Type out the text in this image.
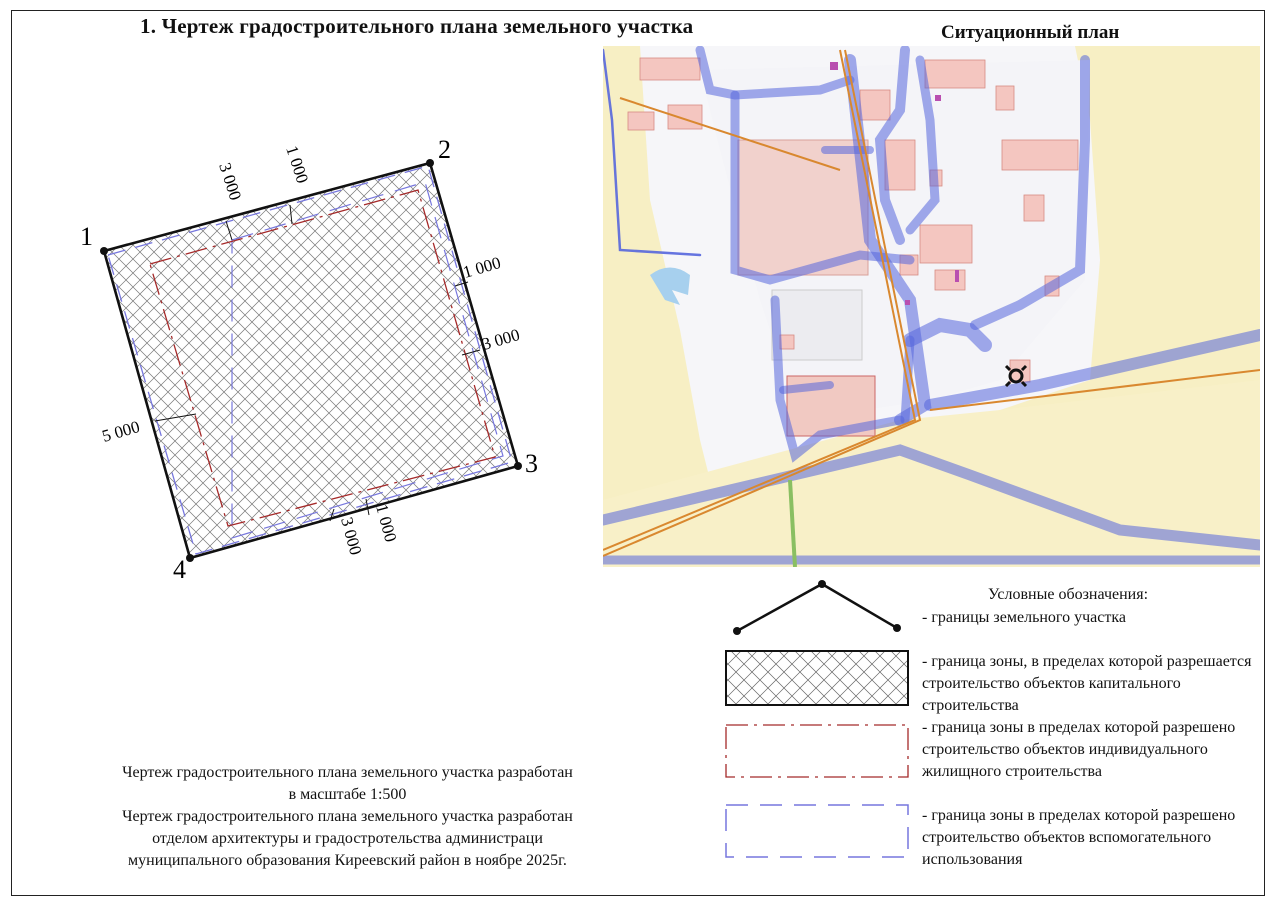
1. Чертеж градостроительного плана земельного участка	Ситуационный план
1
2
3
4
3 000 1 000
1 000
3 000
5 000
3 000 1 000
Условные обозначения:
- границы земельного участка
- граница зоны, в пределах которой разрешается строительство объектов капитального строительства
- граница зоны в пределах которой разрешено строительство объектов индивидуального жилищного строительства
- граница зоны в пределах которой разрешено строительство объектов вспомогательного использования
Чертеж градостроительного плана земельного участка разработан
в масштабе 1:500
Чертеж градостроительного плана земельного участка разработан
отделом архитектуры и градостротельства администраци
муниципального образования Киреевский район в ноябре 2025г.
